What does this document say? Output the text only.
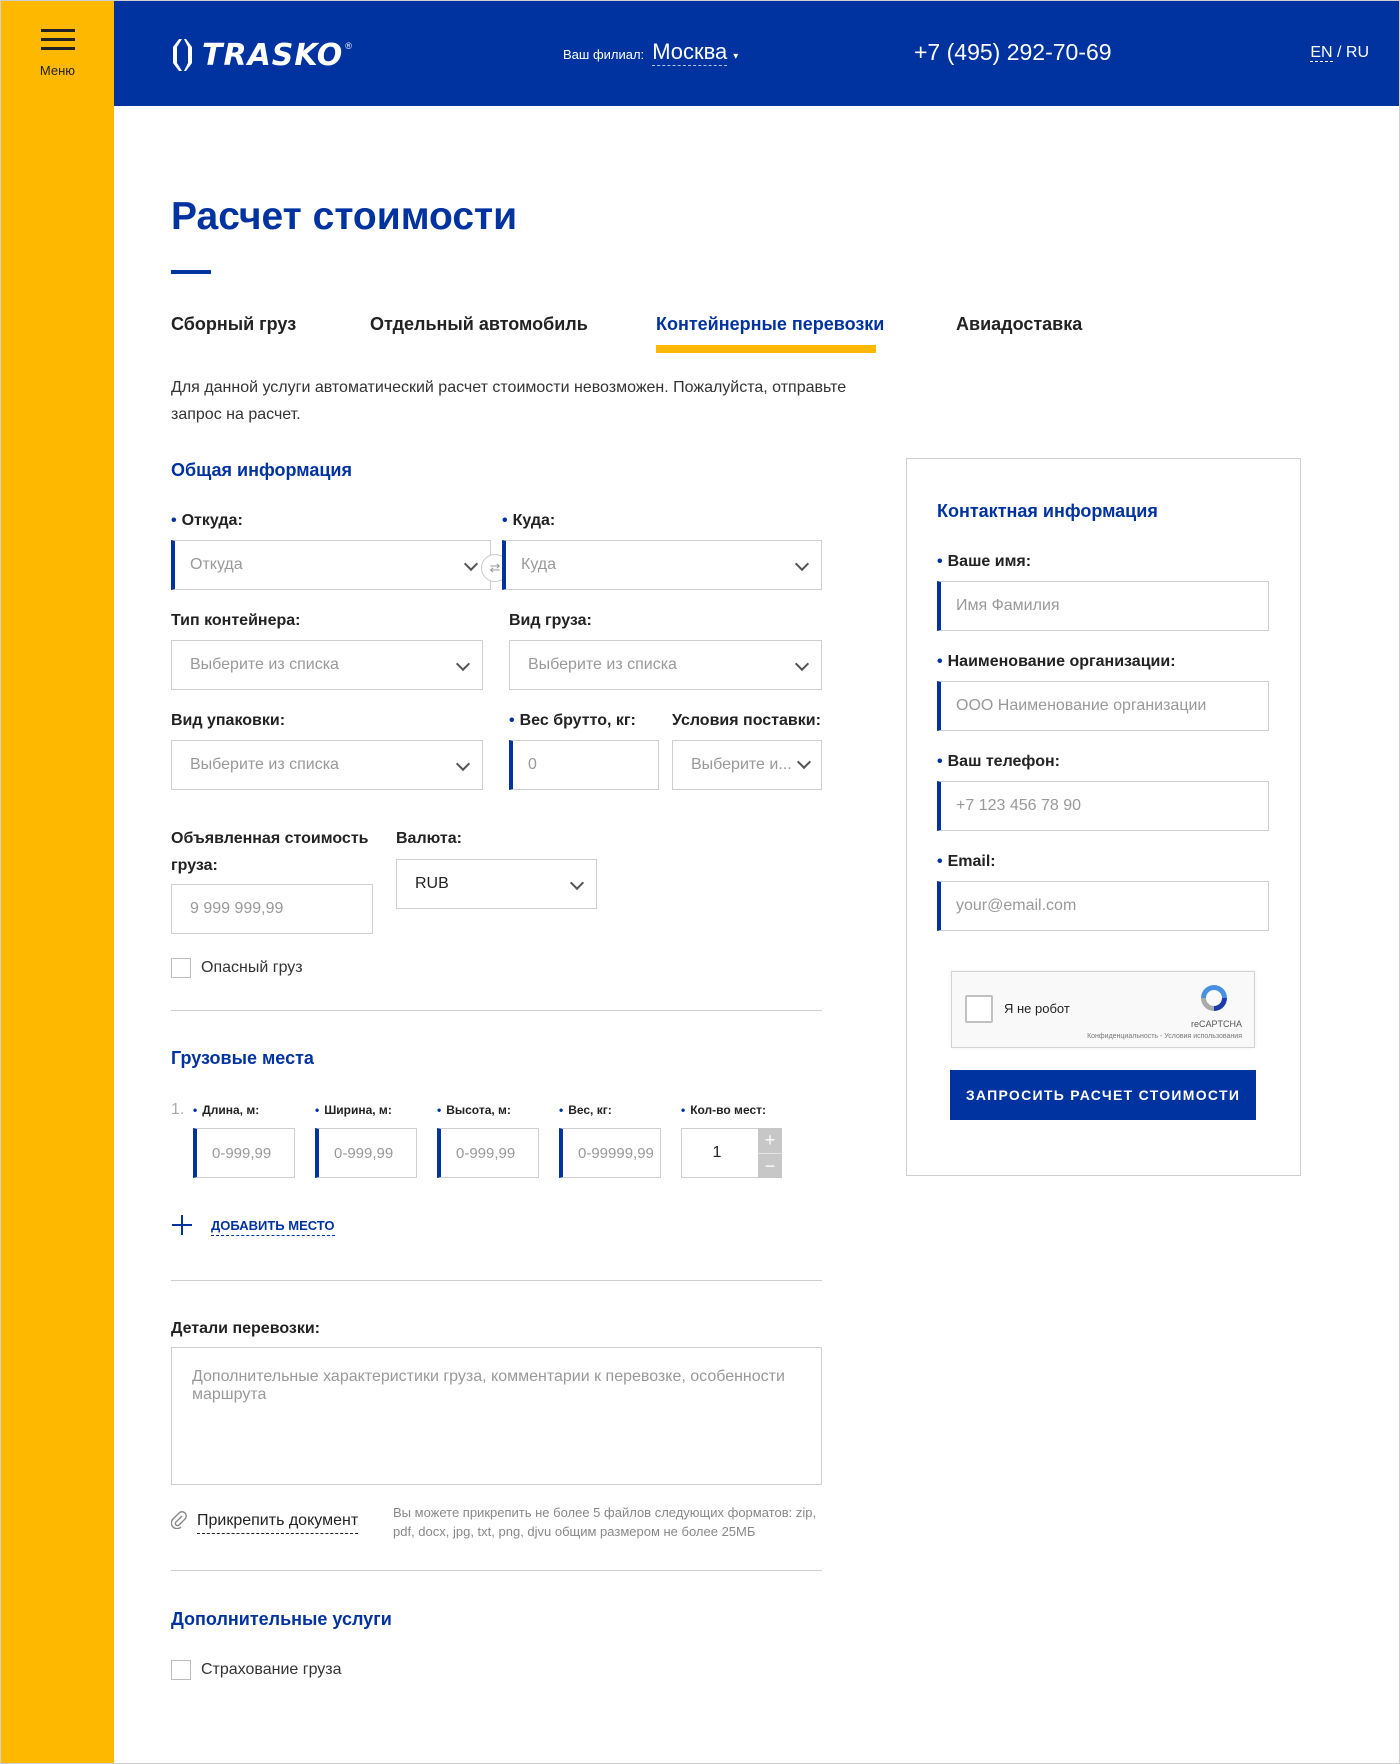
Меню	TRASKO ®
Ваш филиал: Москва ▾	+7 (495) 292-70-69	EN / RU
Расчет стоимости
Сборный груз	Отдельный автомобиль	Контейнерные перевозки	Авиадоставка

Для данной услуги автоматический расчет стоимости невозможен. Пожалуйста, отправьте запрос на расчет.

Общая информация
• Откуда:
Откуда	⇄
• Куда:
Куда
Тип контейнера:
Выберите из списка
Вид груза:
Выберите из списка
Вид упаковки:
Выберите из списка
• Вес брутто, кг:
0
Условия поставки:
Выберите и...
Объявленная стоимость
груза:
9 999 999,99
Валюта:
RUB
Опасный груз
Грузовые места
1.
•	Длина, м:
0-999,99
• Ширина, м:
0-999,99
• Высота, м:
0-999,99
• Вес, кг:
0-99999,99
• Кол-во мест:
1
+
−
ДОБАВИТЬ МЕСТО
Детали перевозки:
Дополнительные характеристики груза, комментарии к перевозке, особенности маршрута
Прикрепить документ	Вы можете прикрепить не более 5 файлов следующих форматов: zip, pdf, docx, jpg, txt, png, djvu общим размером не более 25МБ
Дополнительные услуги
Страхование груза
Контактная информация
• Ваше имя:
Имя Фамилия
• Наименование организации:
ООО Наименование организации
• Ваш телефон:
+7 123 456 78 90
• Email:
your@email.com
Я не робот
reCAPTCHA
Конфиденциальность - Условия использования
ЗАПРОСИТЬ РАСЧЕТ СТОИМОСТИ
